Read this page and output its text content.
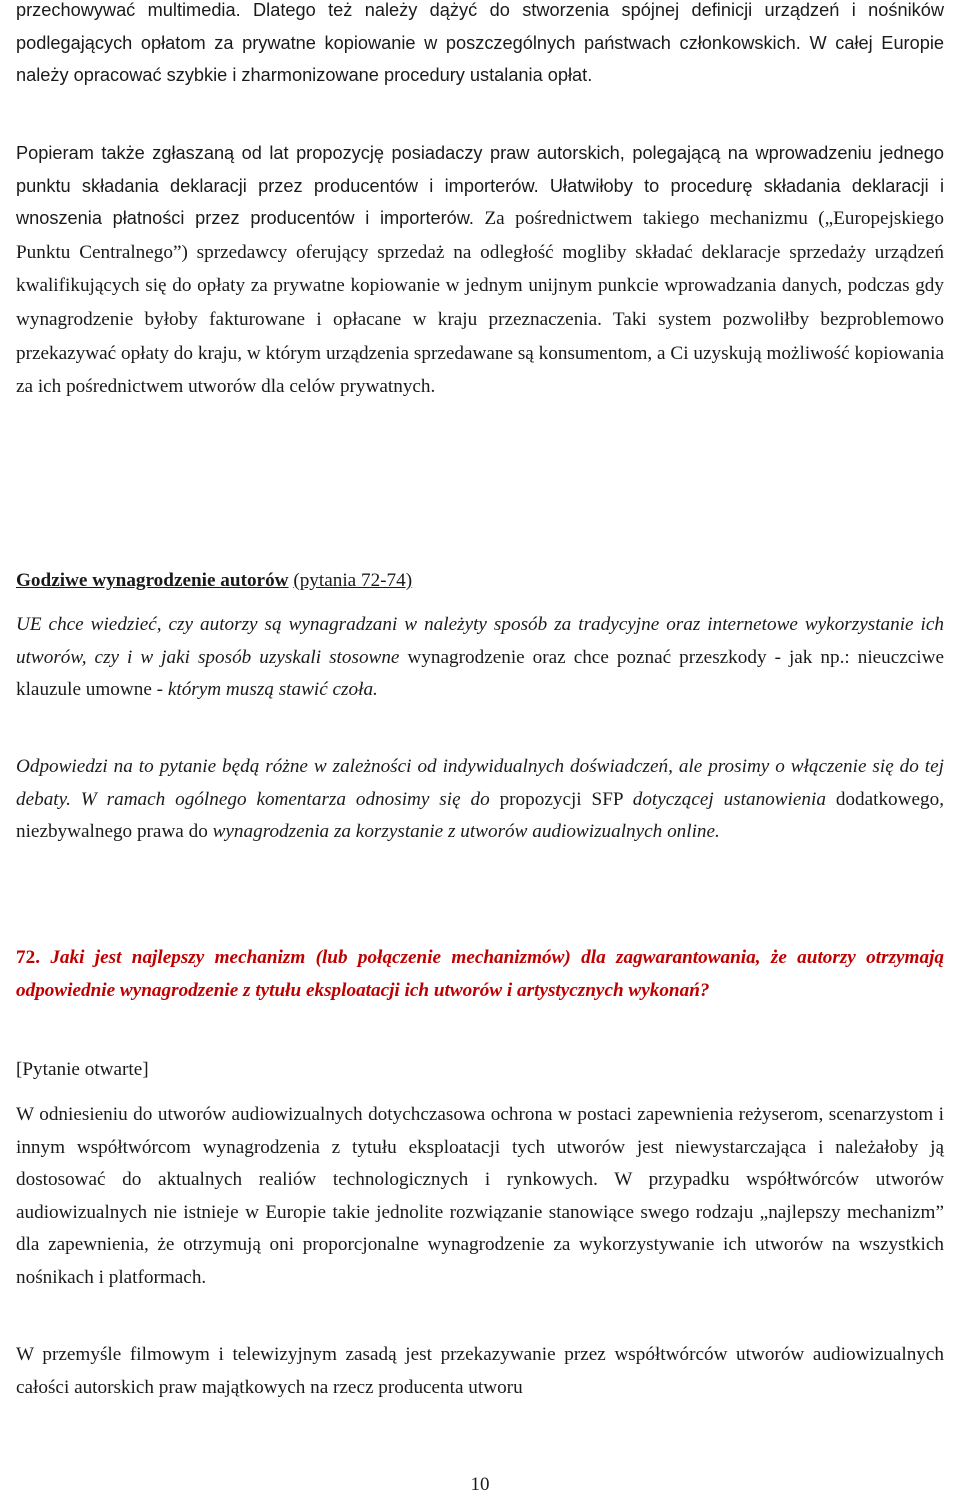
przechowywać multimedia. Dlatego też należy dążyć do stworzenia spójnej definicji urządzeń i nośników podlegających opłatom za prywatne kopiowanie w poszczególnych państwach członkowskich. W całej Europie należy opracować szybkie i zharmonizowane procedury ustalania opłat.

Popieram także zgłaszaną od lat propozycję posiadaczy praw autorskich, polegającą na wprowadzeniu jednego punktu składania deklaracji przez producentów i importerów. Ułatwiłoby to procedurę składania deklaracji i wnoszenia płatności przez producentów i importerów. Za pośrednictwem takiego mechanizmu („Europejskiego Punktu Centralnego”) sprzedawcy oferujący sprzedaż na odległość mogliby składać deklaracje sprzedaży urządzeń kwalifikujących się do opłaty za prywatne kopiowanie w jednym unijnym punkcie wprowadzania danych, podczas gdy wynagrodzenie byłoby fakturowane i opłacane w kraju przeznaczenia. Taki system pozwoliłby bezproblemowo przekazywać opłaty do kraju, w którym urządzenia sprzedawane są konsumentom, a Ci uzyskują możliwość kopiowania za ich pośrednictwem utworów dla celów prywatnych.

Godziwe wynagrodzenie autorów (pytania 72-74)

UE chce wiedzieć, czy autorzy są wynagradzani w należyty sposób za tradycyjne oraz internetowe wykorzystanie ich utworów, czy i w jaki sposób uzyskali stosowne wynagrodzenie oraz chce poznać przeszkody - jak np.: nieuczciwe klauzule umowne - którym muszą stawić czoła.

Odpowiedzi na to pytanie będą różne w zależności od indywidualnych doświadczeń, ale prosimy o włączenie się do tej debaty. W ramach ogólnego komentarza odnosimy się do propozycji SFP dotyczącej ustanowienia dodatkowego, niezbywalnego prawa do wynagrodzenia za korzystanie z utworów audiowizualnych online.

72. Jaki jest najlepszy mechanizm (lub połączenie mechanizmów) dla zagwarantowania, że autorzy otrzymają odpowiednie wynagrodzenie z tytułu eksploatacji ich utworów i artystycznych wykonań?

[Pytanie otwarte]

W odniesieniu do utworów audiowizualnych dotychczasowa ochrona w postaci zapewnienia reżyserom, scenarzystom i innym współtwórcom wynagrodzenia z tytułu eksploatacji tych utworów jest niewystarczająca i należałoby ją dostosować do aktualnych realiów technologicznych i rynkowych. W przypadku współtwórców utworów audiowizualnych nie istnieje w Europie takie jednolite rozwiązanie stanowiące swego rodzaju „najlepszy mechanizm” dla zapewnienia, że otrzymują oni proporcjonalne wynagrodzenie za wykorzystywanie ich utworów na wszystkich nośnikach i platformach.

W przemyśle filmowym i telewizyjnym zasadą jest przekazywanie przez współtwórców utworów audiowizualnych całości autorskich praw majątkowych na rzecz producenta utworu

10
